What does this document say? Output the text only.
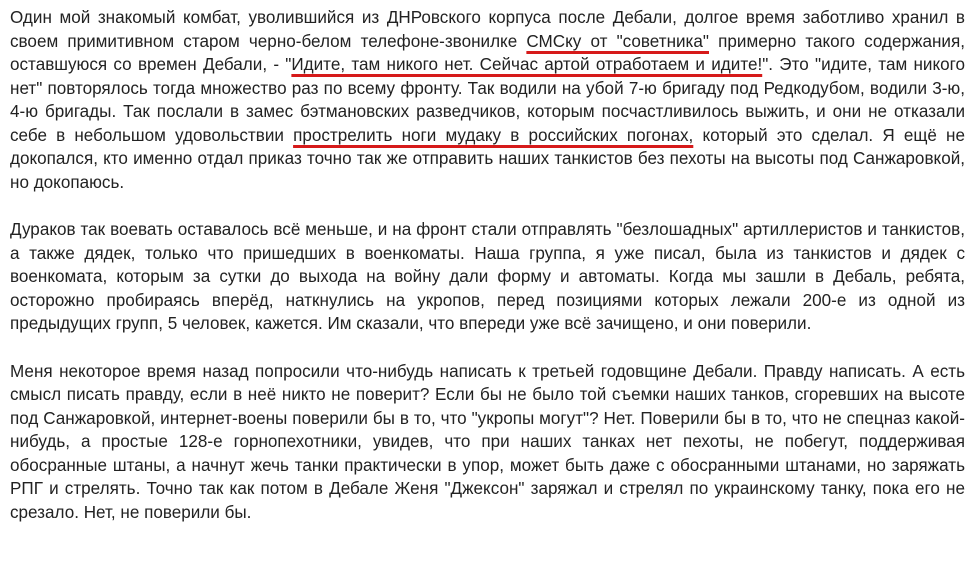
Один мой знакомый комбат, уволившийся из ДНРовского корпуса после Дебали, долгое время заботливо хранил в своем примитивном старом черно-белом телефоне-звонилке СМСку от "советника" примерно такого содержания, оставшуюся со времен Дебали, - "Идите, там никого нет. Сейчас артой отработаем и идите!". Это "идите, там никого нет" повторялось тогда множество раз по всему фронту. Так водили на убой 7-ю бригаду под Редкодубом, водили 3-ю, 4-ю бригады. Так послали в замес бэтмановских разведчиков, которым посчастливилось выжить, и они не отказали себе в небольшом удовольствии прострелить ноги мудаку в российских погонах, который это сделал. Я ещё не докопался, кто именно отдал приказ точно так же отправить наших танкистов без пехоты на высоты под Санжаровкой, но докопаюсь.

Дураков так воевать оставалось всё меньше, и на фронт стали отправлять "безлошадных" артиллеристов и танкистов, а также дядек, только что пришедших в военкоматы. Наша группа, я уже писал, была из танкистов и дядек с военкомата, которым за сутки до выхода на войну дали форму и автоматы. Когда мы зашли в Дебаль, ребята, осторожно пробираясь вперёд, наткнулись на укропов, перед позициями которых лежали 200-е из одной из предыдущих групп, 5 человек, кажется. Им сказали, что впереди уже всё зачищено, и они поверили.

Меня некоторое время назад попросили что-нибудь написать к третьей годовщине Дебали. Правду написать. А есть смысл писать правду, если в неё никто не поверит? Если бы не было той съемки наших танков, сгоревших на высоте под Санжаровкой, интернет-воены поверили бы в то, что "укропы могут"? Нет. Поверили бы в то, что не спецназ какой-нибудь, а простые 128-е горнопехотники, увидев, что при наших танках нет пехоты, не побегут, поддерживая обосранные штаны, а начнут жечь танки практически в упор, может быть даже с обосранными штанами, но заряжать РПГ и стрелять. Точно так как потом в Дебале Женя "Джексон" заряжал и стрелял по украинскому танку, пока его не срезало. Нет, не поверили бы.
